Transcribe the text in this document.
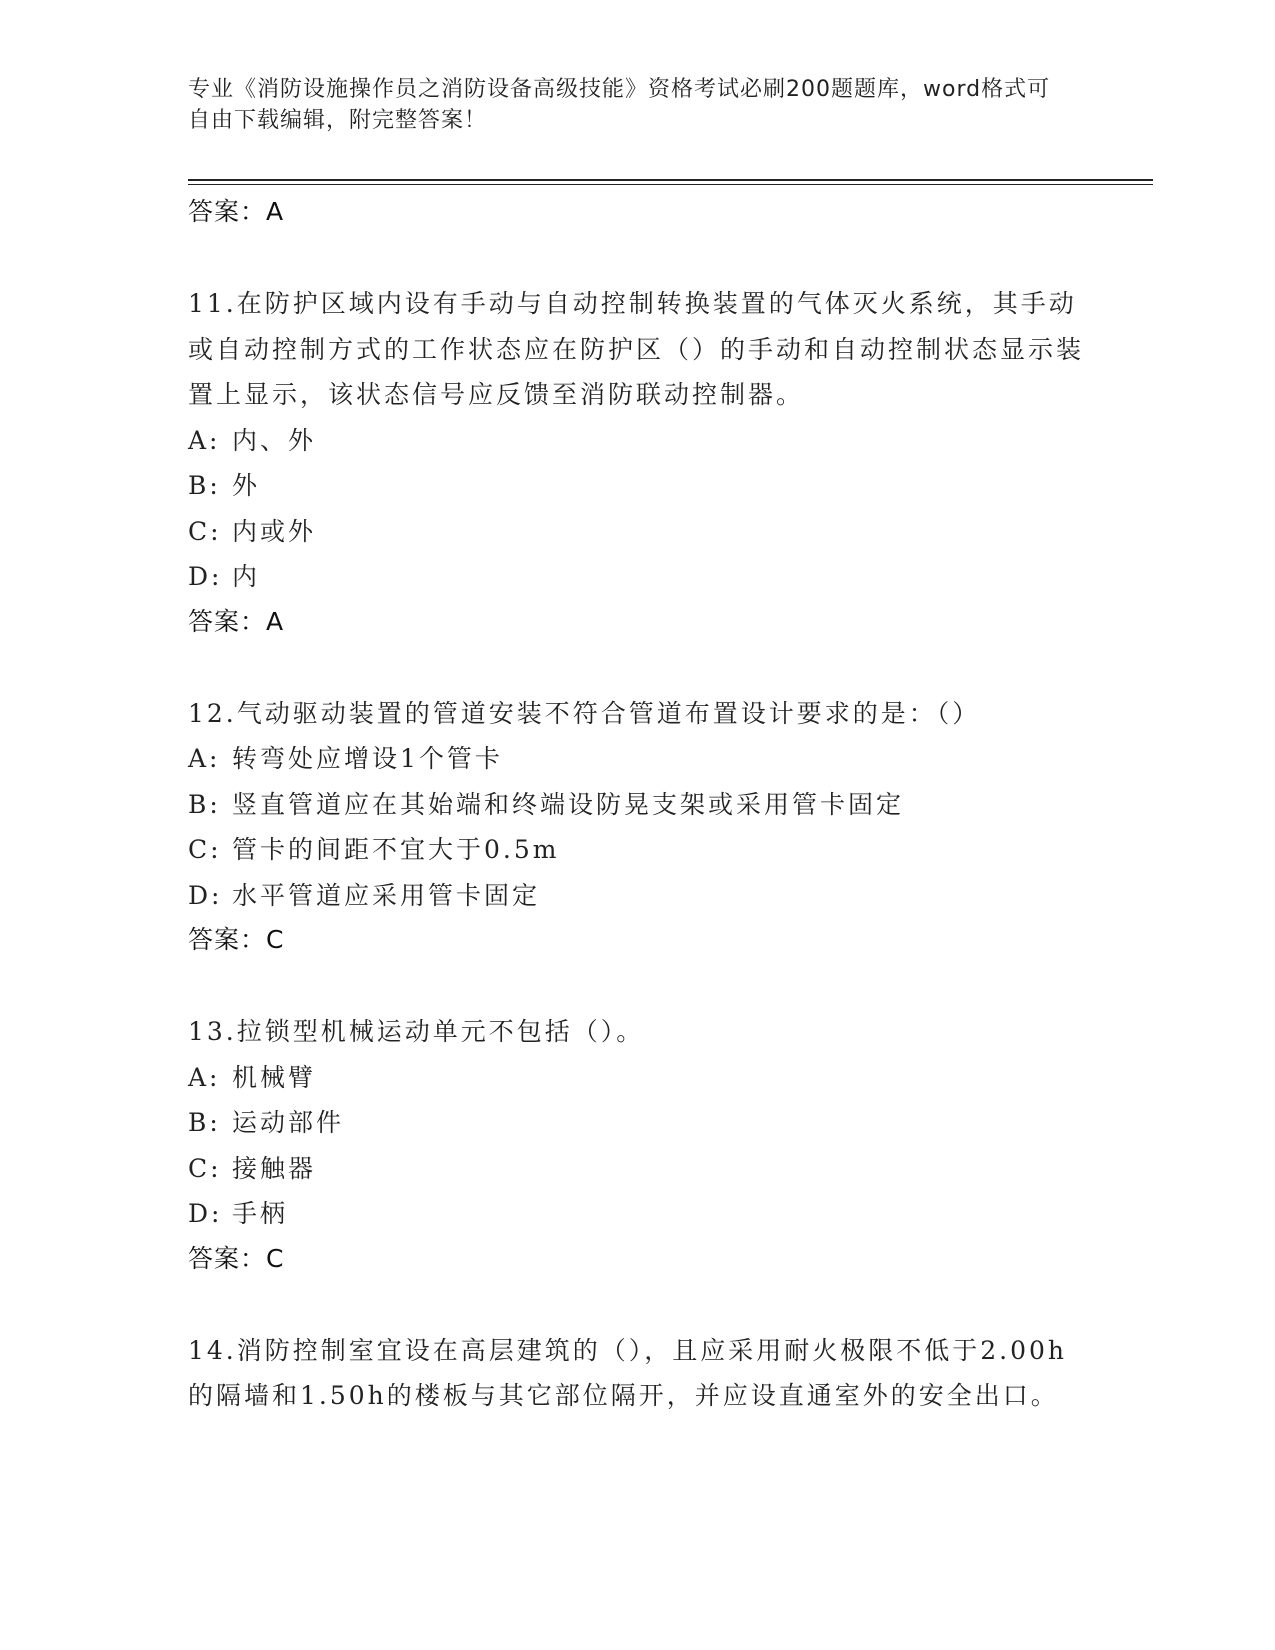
专业《消防设施操作员之消防设备高级技能》资格考试必刷200题题库，word格式可自由下载编辑，附完整答案！
答案：A
11.在防护区域内设有手动与自动控制转换装置的气体灭火系统，其手动或自动控制方式的工作状态应在防护区（）的手动和自动控制状态显示装置上显示，该状态信号应反馈至消防联动控制器。
A: 内、外
B: 外
C: 内或外
D: 内
答案：A
12.气动驱动装置的管道安装不符合管道布置设计要求的是：（）
A: 转弯处应增设1个管卡
B: 竖直管道应在其始端和终端设防晃支架或采用管卡固定
C: 管卡的间距不宜大于0.5m
D: 水平管道应采用管卡固定
答案：C
13.拉锁型机械运动单元不包括（）。
A: 机械臂
B: 运动部件
C: 接触器
D: 手柄
答案：C
14.消防控制室宜设在高层建筑的（），且应采用耐火极限不低于2.00h的隔墙和1.50h的楼板与其它部位隔开，并应设直通室外的安全出口。
